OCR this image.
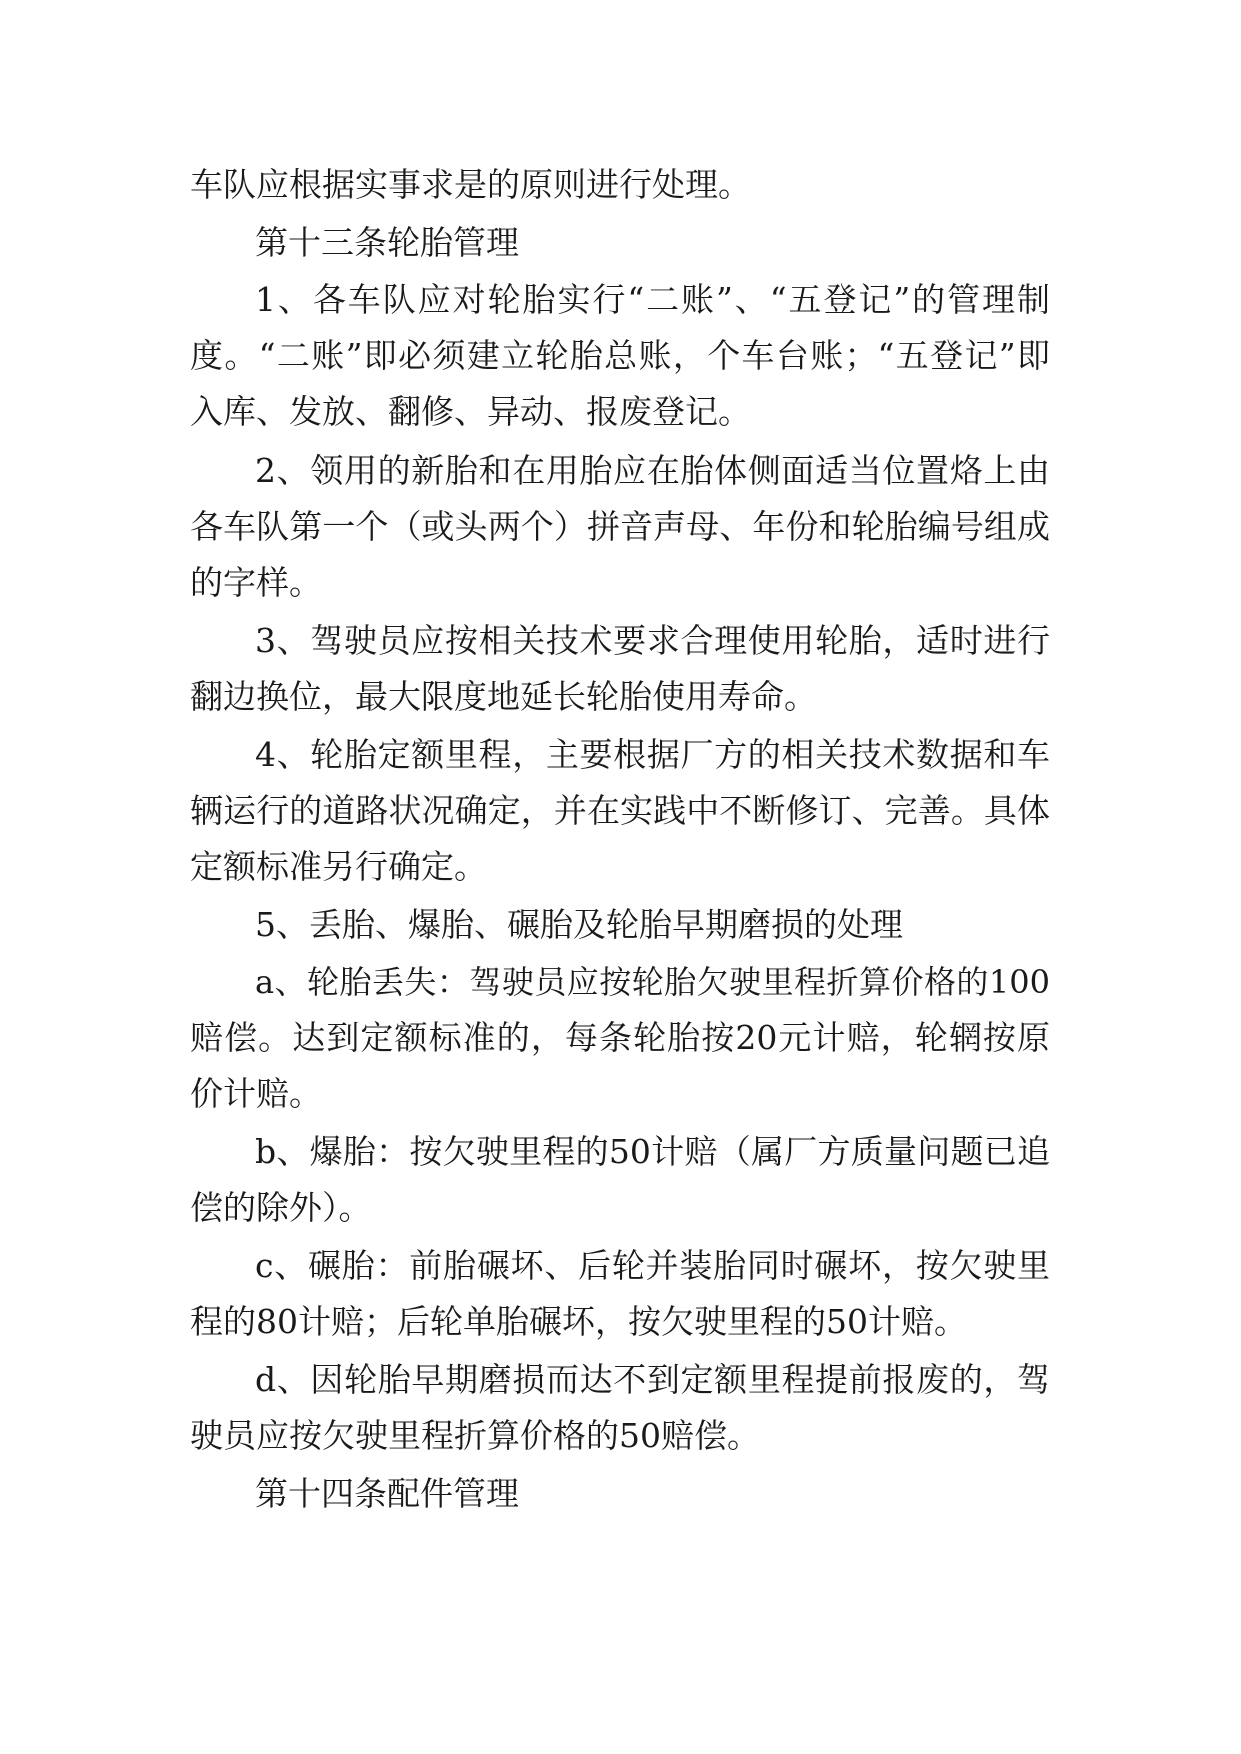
车队应根据实事求是的原则进行处理。
第十三条轮胎管理
1、各车队应对轮胎实行“二账”、“五登记”的管理制
度。“二账”即必须建立轮胎总账，个车台账；“五登记”即
入库、发放、翻修、异动、报废登记。
2、领用的新胎和在用胎应在胎体侧面适当位置烙上由
各车队第一个（或头两个）拼音声母、年份和轮胎编号组成
的字样。
3、驾驶员应按相关技术要求合理使用轮胎，适时进行
翻边换位，最大限度地延长轮胎使用寿命。
4、轮胎定额里程，主要根据厂方的相关技术数据和车
辆运行的道路状况确定，并在实践中不断修订、完善。具体
定额标准另行确定。
5、丢胎、爆胎、碾胎及轮胎早期磨损的处理
a、轮胎丢失：驾驶员应按轮胎欠驶里程折算价格的100
赔偿。达到定额标准的，每条轮胎按20元计赔，轮辋按原
价计赔。
b、爆胎：按欠驶里程的50计赔（属厂方质量问题已追
偿的除外）。
c、碾胎：前胎碾坏、后轮并装胎同时碾坏，按欠驶里
程的80计赔；后轮单胎碾坏，按欠驶里程的50计赔。
d、因轮胎早期磨损而达不到定额里程提前报废的，驾
驶员应按欠驶里程折算价格的50赔偿。
第十四条配件管理
